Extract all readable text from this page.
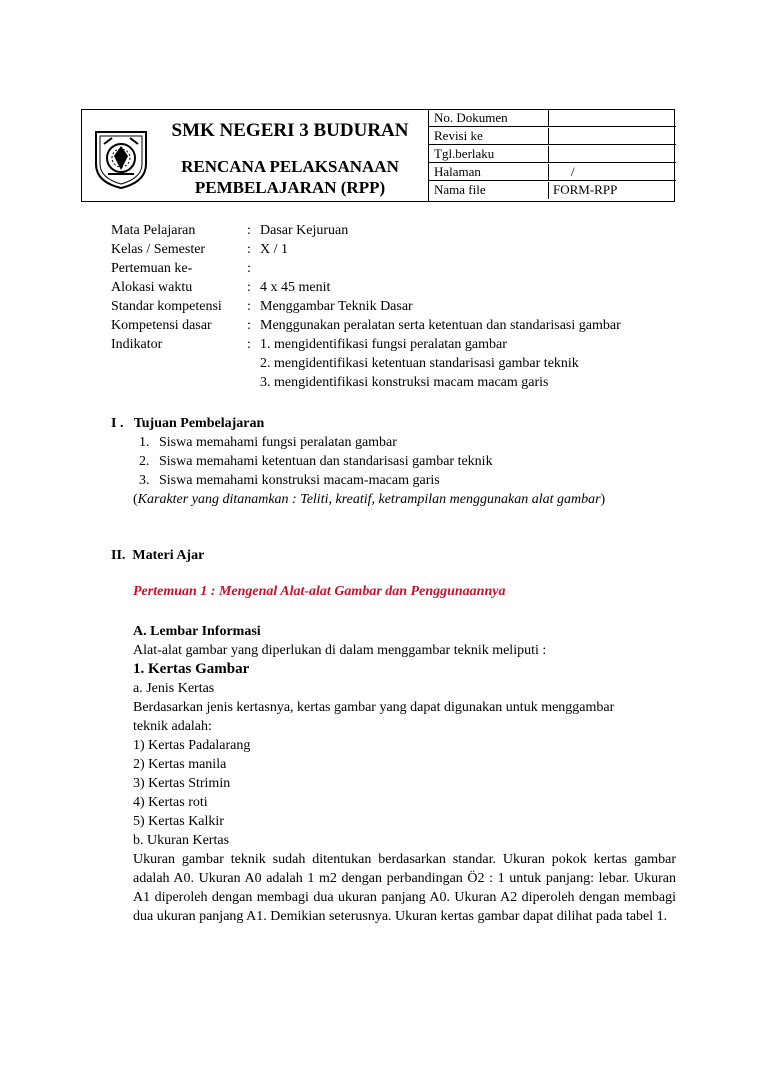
SMK NEGERI 3 BUDURAN
RENCANA PELAKSANAAN
PEMBELAJARAN (RPP)
No. Dokumen
Revisi ke
Tgl.berlaku
Halaman	/
Nama file	FORM-RPP
Mata Pelajaran	: Dasar Kejuruan
Kelas / Semester	: X / 1
Pertemuan ke-	:
Alokasi waktu	: 4 x 45 menit
Standar kompetensi	: Menggambar Teknik Dasar
Kompetensi dasar	: Menggunakan peralatan serta ketentuan dan standarisasi gambar
Indikator	: 1. mengidentifikasi fungsi peralatan gambar
2. mengidentifikasi ketentuan standarisasi gambar teknik
3. mengidentifikasi konstruksi macam macam garis
I .   Tujuan Pembelajaran
1. Siswa memahami fungsi peralatan gambar
2. Siswa memahami ketentuan dan standarisasi gambar teknik
3. Siswa memahami konstruksi macam-macam garis
(Karakter yang ditanamkan : Teliti, kreatif, ketrampilan menggunakan alat gambar)
II.  Materi Ajar
Pertemuan 1 : Mengenal Alat-alat Gambar dan Penggunaannya
A. Lembar Informasi
Alat-alat gambar yang diperlukan di dalam menggambar teknik meliputi :
1. Kertas Gambar
a. Jenis Kertas
Berdasarkan jenis kertasnya, kertas gambar yang dapat digunakan untuk menggambar
teknik adalah:
1) Kertas Padalarang
2) Kertas manila
3) Kertas Strimin
4) Kertas roti
5) Kertas Kalkir
b. Ukuran Kertas

Ukuran gambar teknik sudah ditentukan berdasarkan standar. Ukuran pokok kertas gambar adalah A0. Ukuran A0 adalah 1 m2 dengan perbandingan Ö2 : 1 untuk panjang: lebar. Ukuran A1 diperoleh dengan membagi dua ukuran panjang A0. Ukuran A2 diperoleh dengan membagi dua ukuran panjang A1. Demikian seterusnya. Ukuran kertas gambar dapat dilihat pada tabel 1.
